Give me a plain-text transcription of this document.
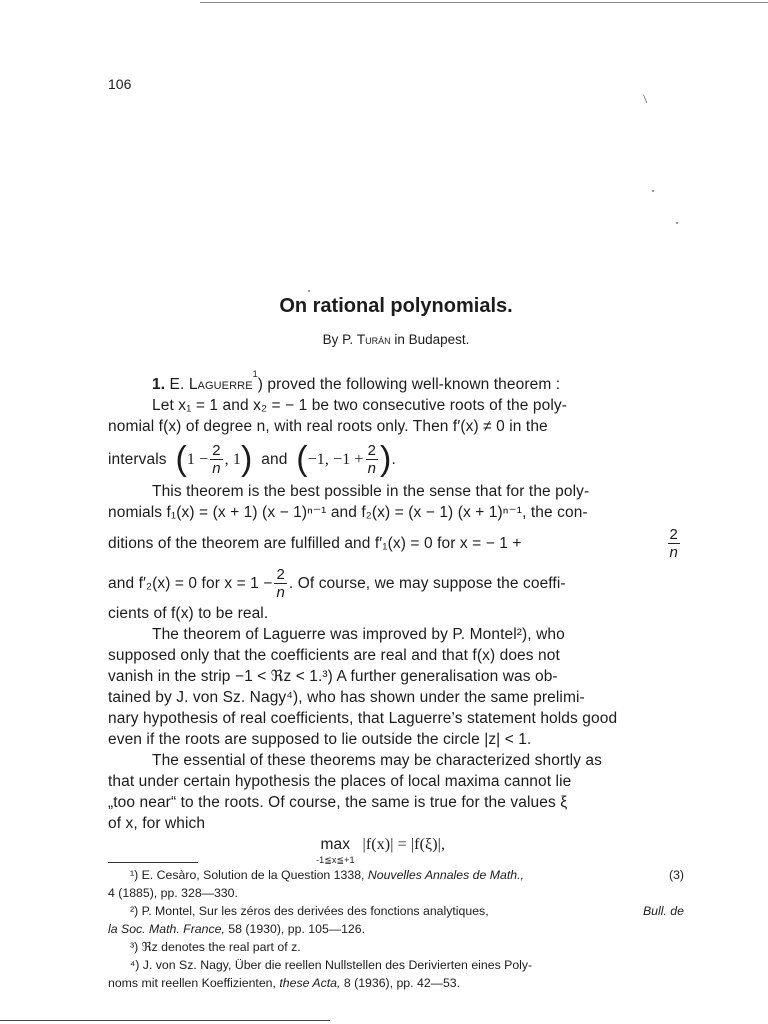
106
/
On rational polynomials.
By P. Turán in Budapest.
1. E. Laguerre
1
) proved the following well-known theorem :
Let x₁ = 1 and x₂ = − 1 be two consecutive roots of the poly-
nomial f(x) of degree n, with real roots only. Then f′(x) ≠ 0 in the
intervals
( $1 - \frac{2}{n}$ , 1 )
and
( −1, $-1 + \frac{2}{n}$ ) .
This theorem is the best possible in the sense that for the poly-
nomials f₁(x) = (x + 1) (x − 1)ⁿ⁻¹ and f₂(x) = (x − 1) (x + 1)ⁿ⁻¹, the con-
ditions of the theorem are fulfilled and f′₁(x) = 0 for x = − 1 +	$\frac{2}{n}$
and f′₂(x) = 0 for $x = 1 - \frac{2}{n}$ . Of course, we may suppose the coeffi-
cients of f(x) to be real.
The theorem of Laguerre was improved by P. Montel²), who
supposed only that the coefficients are real and that f(x) does not
vanish in the strip −1 < ℜz < 1.³) A further generalisation was ob-
tained by J. von Sz. Nagy⁴), who has shown under the same prelimi-
nary hypothesis of real coefficients, that Laguerre’s statement holds good
even if the roots are supposed to lie outside the circle |z| < 1.
The essential of these theorems may be characterized shortly as
that under certain hypothesis the places of local maxima cannot lie
„too near“ to the roots. Of course, the same is true for the values ξ
of x, for which
max
-1≦x≦+1
|f(x)| = |f(ξ)|,
¹) E. Cesàro, Solution de la Question 1338, Nouvelles Annales de Math.,	(3)
4 (1885), pp. 328—330.
²) P. Montel, Sur les zéros des derivées des fonctions analytiques,	Bull. de
la Soc. Math. France, 58 (1930), pp. 105—126.
³) ℜz denotes the real part of z.
⁴) J. von Sz. Nagy, Über die reellen Nullstellen des Derivierten eines Poly-
noms mit reellen Koeffizienten, these Acta, 8 (1936), pp. 42—53.
